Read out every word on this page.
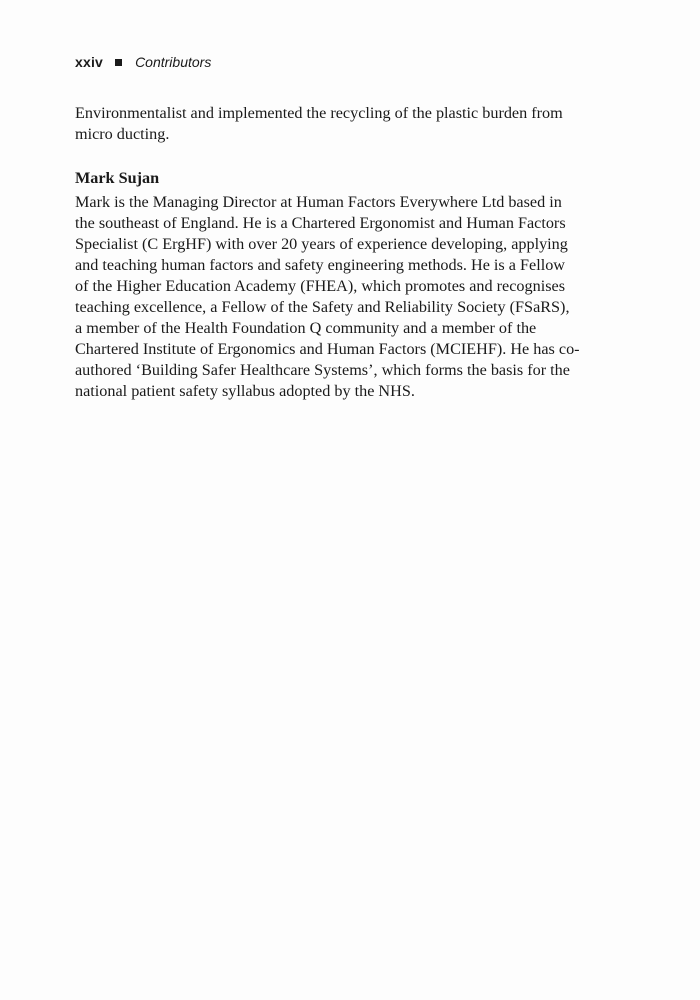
xxiv Contributors

Environmentalist and implemented the recycling of the plastic burden from
micro ducting.

Mark Sujan

Mark is the Managing Director at Human Factors Everywhere Ltd based in
the southeast of England. He is a Chartered Ergonomist and Human Factors
Specialist (C ErgHF) with over 20 years of experience developing, applying
and teaching human factors and safety engineering methods. He is a Fellow
of the Higher Education Academy (FHEA), which promotes and recognises
teaching excellence, a Fellow of the Safety and Reliability Society (FSaRS),
a member of the Health Foundation Q community and a member of the
Chartered Institute of Ergonomics and Human Factors (MCIEHF). He has co-
authored ‘Building Safer Healthcare Systems’, which forms the basis for the
national patient safety syllabus adopted by the NHS.
